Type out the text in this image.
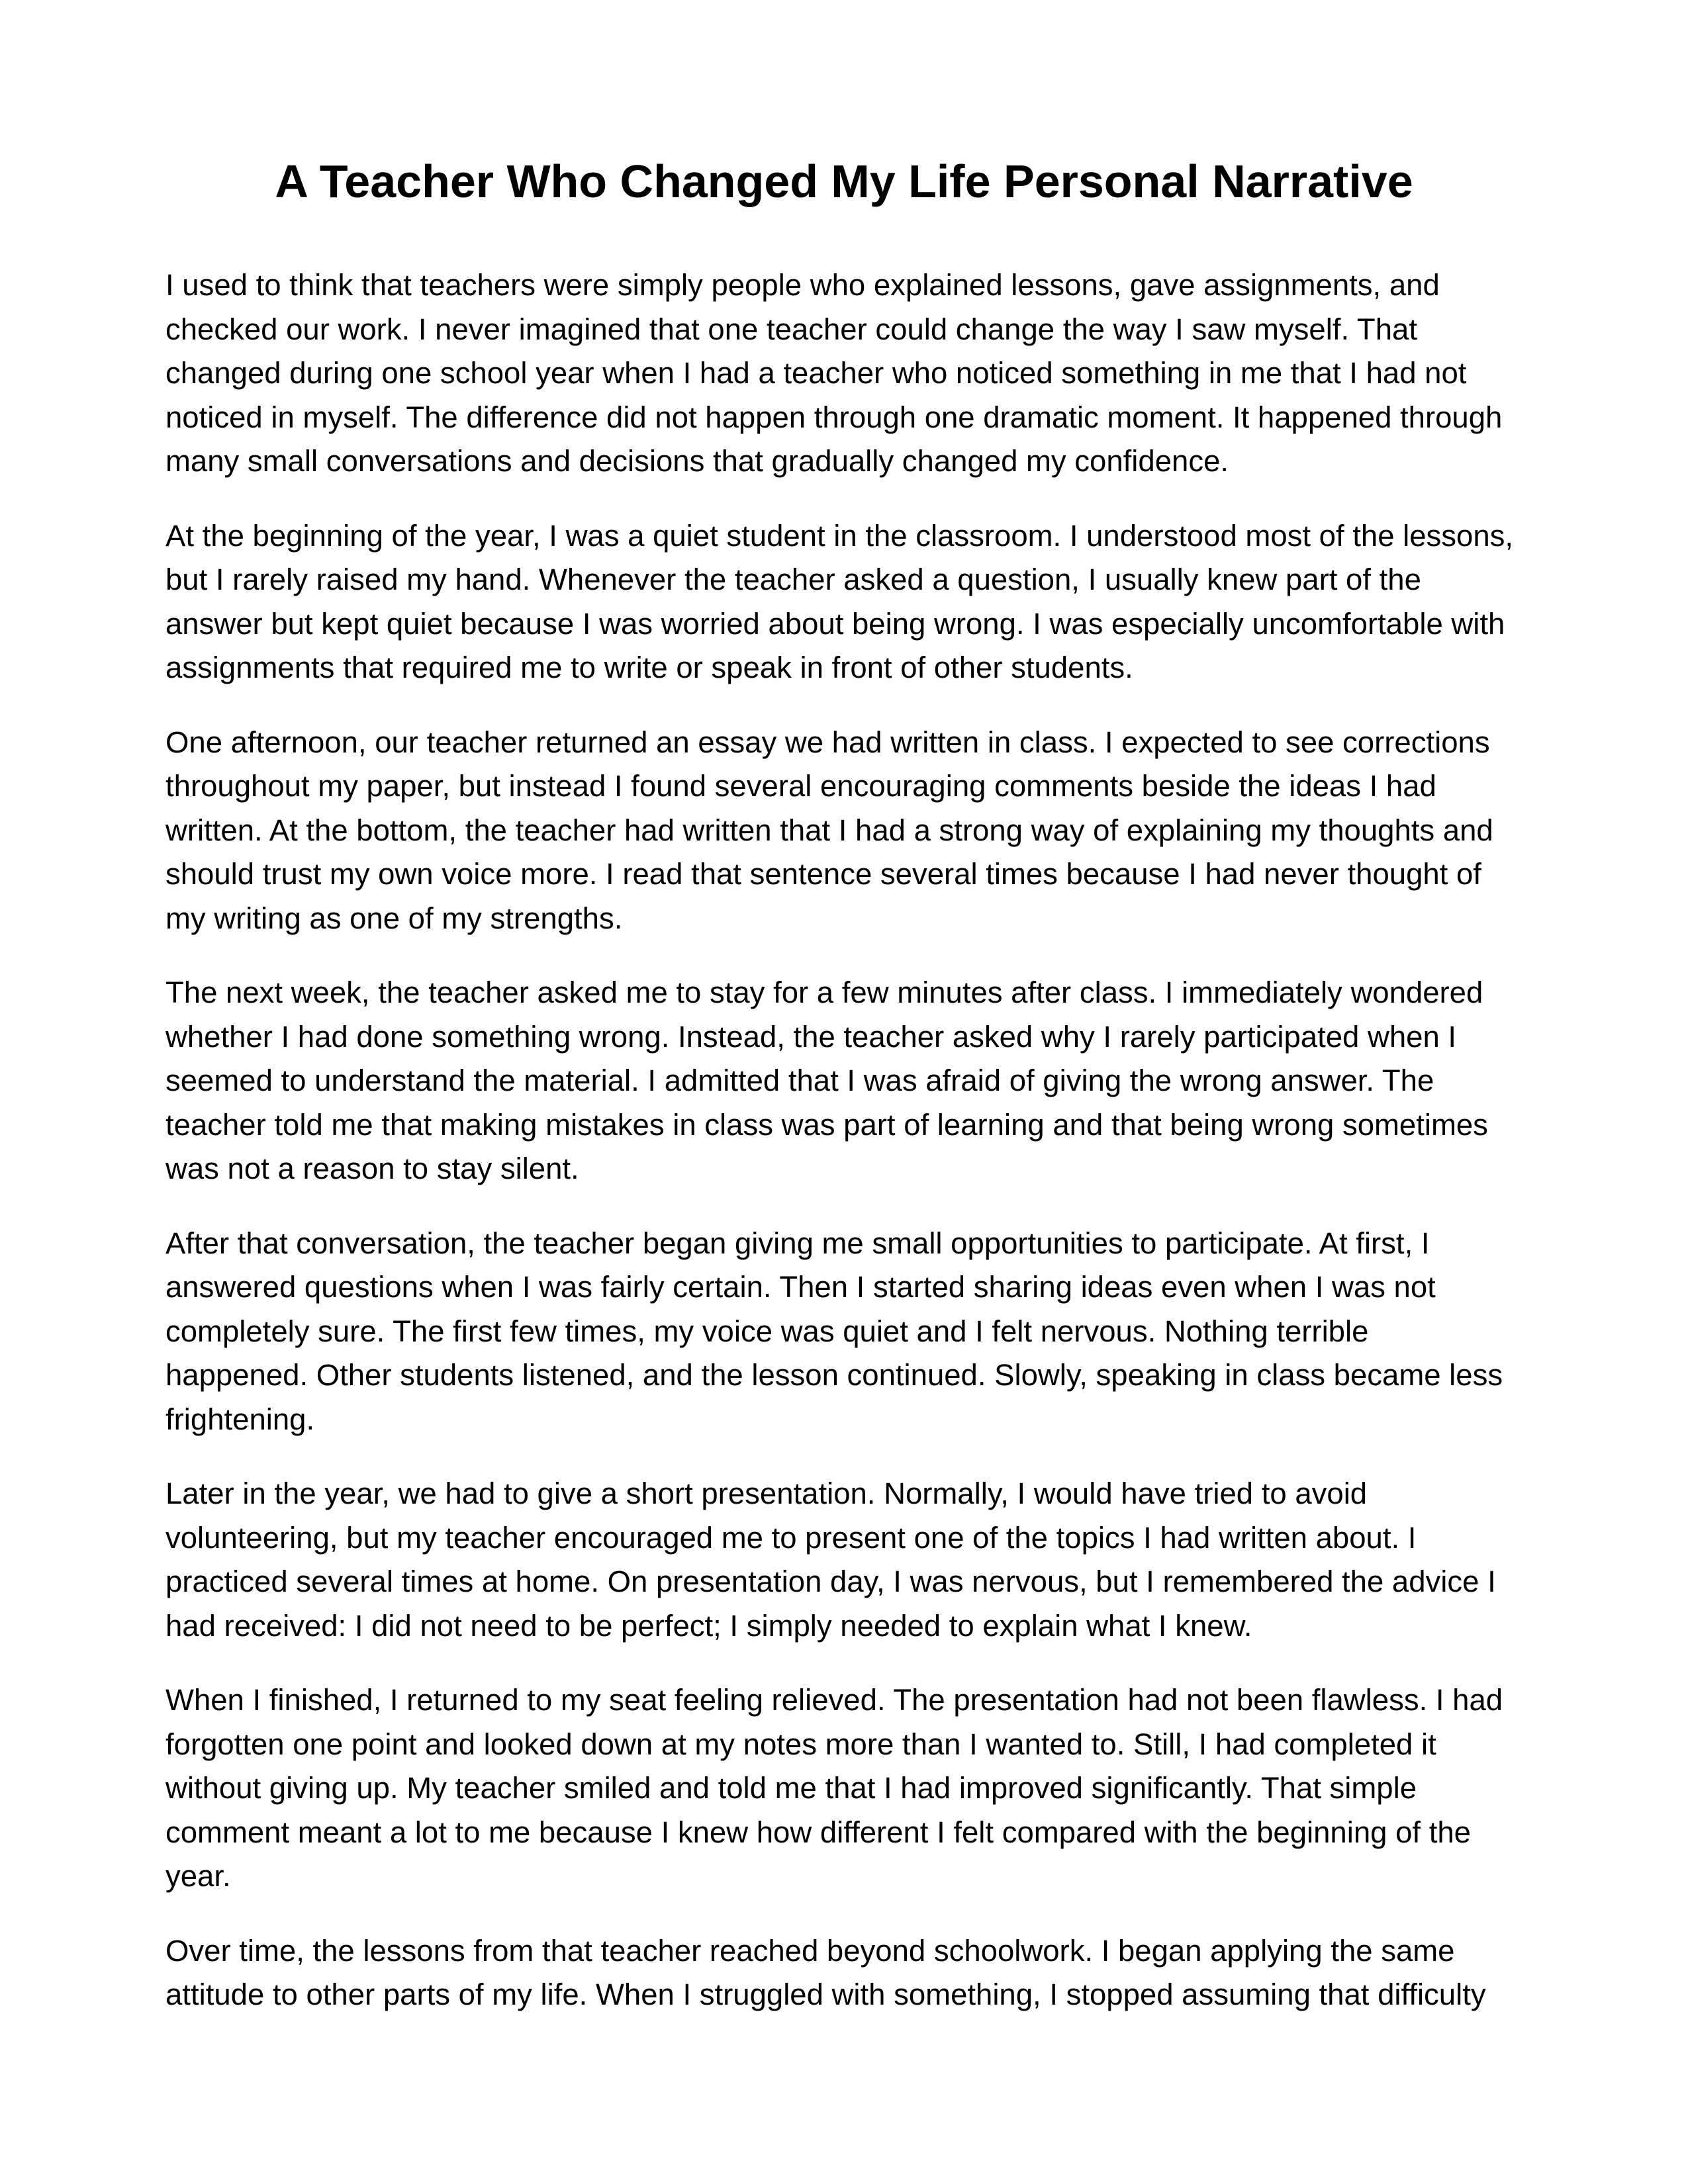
A Teacher Who Changed My Life Personal Narrative

I used to think that teachers were simply people who explained lessons, gave assignments, and
checked our work. I never imagined that one teacher could change the way I saw myself. That
changed during one school year when I had a teacher who noticed something in me that I had not
noticed in myself. The difference did not happen through one dramatic moment. It happened through
many small conversations and decisions that gradually changed my confidence.

At the beginning of the year, I was a quiet student in the classroom. I understood most of the lessons,
but I rarely raised my hand. Whenever the teacher asked a question, I usually knew part of the
answer but kept quiet because I was worried about being wrong. I was especially uncomfortable with
assignments that required me to write or speak in front of other students.

One afternoon, our teacher returned an essay we had written in class. I expected to see corrections
throughout my paper, but instead I found several encouraging comments beside the ideas I had
written. At the bottom, the teacher had written that I had a strong way of explaining my thoughts and
should trust my own voice more. I read that sentence several times because I had never thought of
my writing as one of my strengths.

The next week, the teacher asked me to stay for a few minutes after class. I immediately wondered
whether I had done something wrong. Instead, the teacher asked why I rarely participated when I
seemed to understand the material. I admitted that I was afraid of giving the wrong answer. The
teacher told me that making mistakes in class was part of learning and that being wrong sometimes
was not a reason to stay silent.

After that conversation, the teacher began giving me small opportunities to participate. At first, I
answered questions when I was fairly certain. Then I started sharing ideas even when I was not
completely sure. The first few times, my voice was quiet and I felt nervous. Nothing terrible
happened. Other students listened, and the lesson continued. Slowly, speaking in class became less
frightening.

Later in the year, we had to give a short presentation. Normally, I would have tried to avoid
volunteering, but my teacher encouraged me to present one of the topics I had written about. I
practiced several times at home. On presentation day, I was nervous, but I remembered the advice I
had received: I did not need to be perfect; I simply needed to explain what I knew.

When I finished, I returned to my seat feeling relieved. The presentation had not been flawless. I had
forgotten one point and looked down at my notes more than I wanted to. Still, I had completed it
without giving up. My teacher smiled and told me that I had improved significantly. That simple
comment meant a lot to me because I knew how different I felt compared with the beginning of the
year.

Over time, the lessons from that teacher reached beyond schoolwork. I began applying the same
attitude to other parts of my life. When I struggled with something, I stopped assuming that difficulty
